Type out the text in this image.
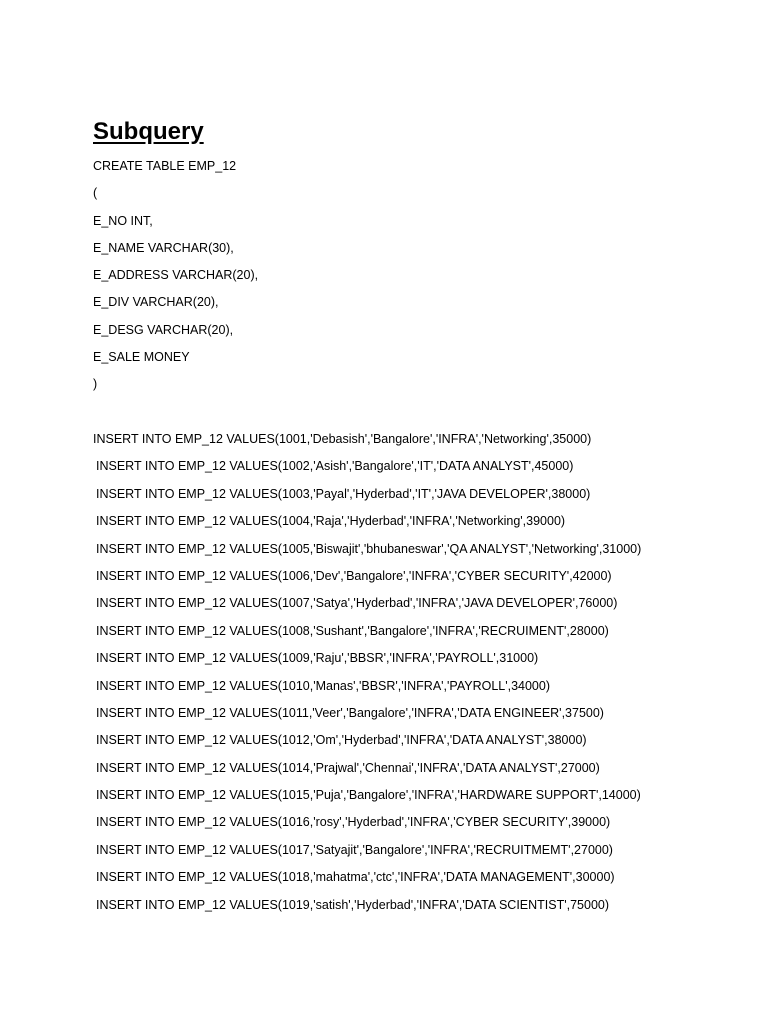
Subquery
CREATE TABLE EMP_12
(
E_NO INT,
E_NAME VARCHAR(30),
E_ADDRESS VARCHAR(20),
E_DIV VARCHAR(20),
E_DESG VARCHAR(20),
E_SALE MONEY
)
INSERT INTO EMP_12 VALUES(1001,'Debasish','Bangalore','INFRA','Networking',35000)
INSERT INTO EMP_12 VALUES(1002,'Asish','Bangalore','IT','DATA ANALYST',45000)
INSERT INTO EMP_12 VALUES(1003,'Payal','Hyderbad','IT','JAVA DEVELOPER',38000)
INSERT INTO EMP_12 VALUES(1004,'Raja','Hyderbad','INFRA','Networking',39000)
INSERT INTO EMP_12 VALUES(1005,'Biswajit','bhubaneswar','QA ANALYST','Networking',31000)
INSERT INTO EMP_12 VALUES(1006,'Dev','Bangalore','INFRA','CYBER SECURITY',42000)
INSERT INTO EMP_12 VALUES(1007,'Satya','Hyderbad','INFRA','JAVA DEVELOPER',76000)
INSERT INTO EMP_12 VALUES(1008,'Sushant','Bangalore','INFRA','RECRUIMENT',28000)
INSERT INTO EMP_12 VALUES(1009,'Raju','BBSR','INFRA','PAYROLL',31000)
INSERT INTO EMP_12 VALUES(1010,'Manas','BBSR','INFRA','PAYROLL',34000)
INSERT INTO EMP_12 VALUES(1011,'Veer','Bangalore','INFRA','DATA ENGINEER',37500)
INSERT INTO EMP_12 VALUES(1012,'Om','Hyderbad','INFRA','DATA ANALYST',38000)
INSERT INTO EMP_12 VALUES(1014,'Prajwal','Chennai','INFRA','DATA ANALYST',27000)
INSERT INTO EMP_12 VALUES(1015,'Puja','Bangalore','INFRA','HARDWARE SUPPORT',14000)
INSERT INTO EMP_12 VALUES(1016,'rosy','Hyderbad','INFRA','CYBER SECURITY',39000)
INSERT INTO EMP_12 VALUES(1017,'Satyajit','Bangalore','INFRA','RECRUITMEMT',27000)
INSERT INTO EMP_12 VALUES(1018,'mahatma','ctc','INFRA','DATA MANAGEMENT',30000)
INSERT INTO EMP_12 VALUES(1019,'satish','Hyderbad','INFRA','DATA SCIENTIST',75000)
